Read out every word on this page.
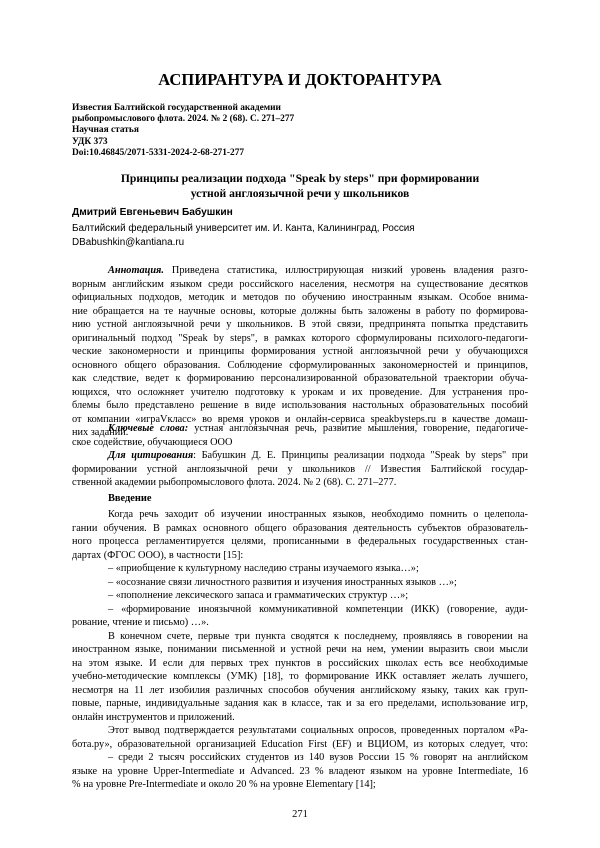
АСПИРАНТУРА И ДОКТОРАНТУРА
Известия Балтийской государственной академии
рыбопромыслового флота. 2024. № 2 (68). С. 271–277
Научная статья
УДК 373
Doi:10.46845/2071-5331-2024-2-68-271-277
Принципы реализации подхода "Speak by steps" при формировании
устной англоязычной речи у школьников
Дмитрий Евгеньевич Бабушкин
Балтийский федеральный университет им. И. Канта, Калининград, Россия
DBabushkin@kantiana.ru
Аннотация. Приведена статистика, иллюстрирующая низкий уровень владения разго-
ворным английским языком среди российского населения, несмотря на существование десятков
официальных подходов, методик и методов по обучению иностранным языкам. Особое внима-
ние обращается на те научные основы, которые должны быть заложены в работу по формирова-
нию устной англоязычной речи у школьников. В этой связи, предпринята попытка представить
оригинальный подход "Speak by steps", в рамках которого сформулированы психолого-педагоги-
ческие закономерности и принципы формирования устной англоязычной речи у обучающихся
основного общего образования. Соблюдение сформулированных закономерностей и принципов,
как следствие, ведет к формированию персонализированной образовательной траектории обуча-
ющихся, что осложняет учителю подготовку к урокам и их проведение. Для устранения про-
блемы было представлено решение в виде использования настольных образовательных пособий
от компании «играVкласс» во время уроков и онлайн-сервиса speakbysteps.ru в качестве домаш-
них заданий.
Ключевые слова: устная англоязычная речь, развитие мышления, говорение, педагогиче-
ское содействие, обучающиеся ООО
Введение
Когда речь заходит об изучении иностранных языков, необходимо помнить о целепола-
гании обучения. В рамках основного общего образования деятельность субъектов образователь-
ного процесса регламентируется целями, прописанными в федеральных государственных стан-
дартах (ФГОС ООО), в частности [15]:
– «приобщение к культурному наследию страны изучаемого языка…»;
– «осознание связи личностного развития и изучения иностранных языков …»;
– «пополнение лексического запаса и грамматических структур …»;
– «формирование иноязычной коммуникативной компетенции (ИКК) (говорение, ауди-
рование, чтение и письмо) …».
В конечном счете, первые три пункта сводятся к последнему, проявляясь в говорении на
иностранном языке, понимании письменной и устной речи на нем, умении выразить свои мысли
на этом языке. И если для первых трех пунктов в российских школах есть все необходимые
учебно-методические комплексы (УМК) [18], то формирование ИКК оставляет желать лучшего,
несмотря на 11 лет изобилия различных способов обучения английскому языку, таких как груп-
повые, парные, индивидуальные задания как в классе, так и за его пределами, использование игр,
онлайн инструментов и приложений.
Этот вывод подтверждается результатами социальных опросов, проведенных порталом «Ра-
бота.ру», образовательной организацией Education First (EF) и ВЦИОМ, из которых следует, что:
– среди 2 тысяч российских студентов из 140 вузов России 15 % говорят на английском
языке на уровне Upper-Intermediate и Advanced. 23 % владеют языком на уровне Intermediate, 16
% на уровне Pre-Intermediate и около 20 % на уровне Elementary [14];
271
Для цитирования: Бабушкин Д. Е. Принципы реализации подхода "Speak by steps" при
формировании устной англоязычной речи у школьников // Известия Балтийской государ-
ственной академии рыбопромыслового флота. 2024. № 2 (68). С. 271–277.
